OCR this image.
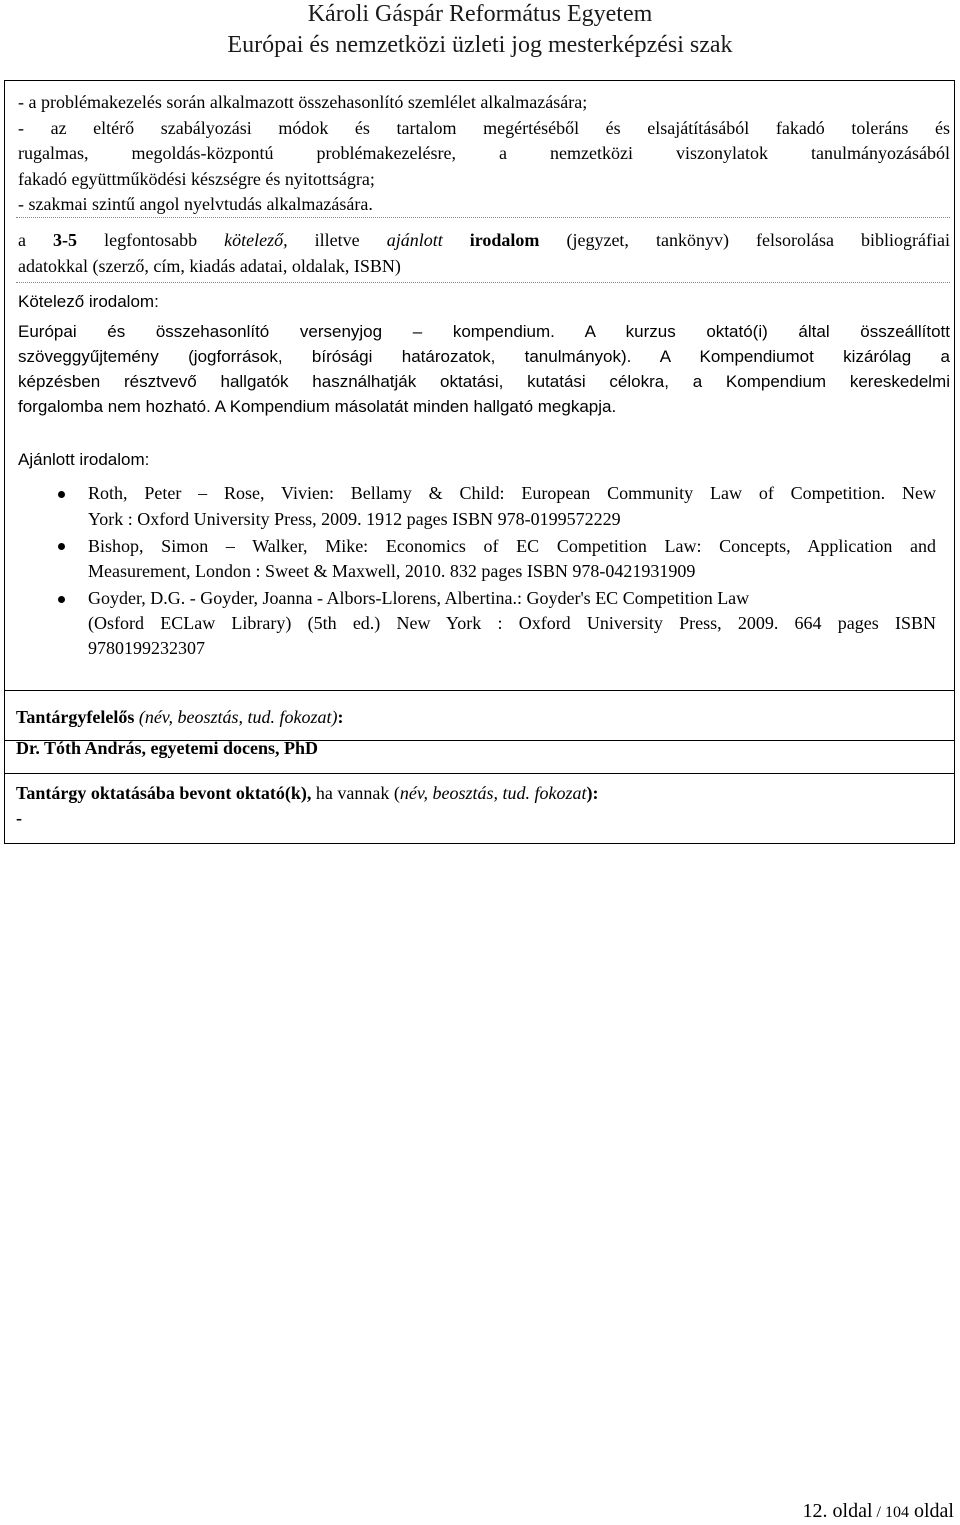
Károli Gáspár Református Egyetem
Európai és nemzetközi üzleti jog mesterképzési szak
- a problémakezelés során alkalmazott összehasonlító szemlélet alkalmazására;
- az eltérő szabályozási módok és tartalom megértéséből és elsajátításából fakadó toleráns és
rugalmas, megoldás-központú problémakezelésre, a nemzetközi viszonylatok tanulmányozásából
fakadó együttműködési készségre és nyitottságra;
- szakmai szintű angol nyelvtudás alkalmazására.
a 3-5 legfontosabb kötelező, illetve ajánlott irodalom (jegyzet, tankönyv) felsorolása bibliográfiai
adatokkal (szerző, cím, kiadás adatai, oldalak, ISBN)
Kötelező irodalom:
Európai és összehasonlító versenyjog – kompendium. A kurzus oktató(i) által összeállított
szöveggyűjtemény (jogforrások, bírósági határozatok, tanulmányok). A Kompendiumot kizárólag a
képzésben résztvevő hallgatók használhatják oktatási, kutatási célokra, a Kompendium kereskedelmi
forgalomba nem hozható. A Kompendium másolatát minden hallgató megkapja.
Ajánlott irodalom:
Roth, Peter – Rose, Vivien: Bellamy & Child: European Community Law of Competition. New
York : Oxford University Press, 2009. 1912 pages ISBN 978-0199572229
Bishop, Simon – Walker, Mike: Economics of EC Competition Law: Concepts, Application and
Measurement, London : Sweet & Maxwell, 2010. 832 pages ISBN 978-0421931909
Goyder, D.G. - Goyder, Joanna - Albors-Llorens, Albertina.: Goyder's EC Competition Law
(Osford ECLaw Library) (5th ed.) New York : Oxford University Press, 2009. 664 pages ISBN
9780199232307
Tantárgyfelelős (név, beosztás, tud. fokozat):
Dr. Tóth András, egyetemi docens, PhD
Tantárgy oktatásába bevont oktató(k), ha vannak (név, beosztás, tud. fokozat):
-
12. oldal / 104 oldal
